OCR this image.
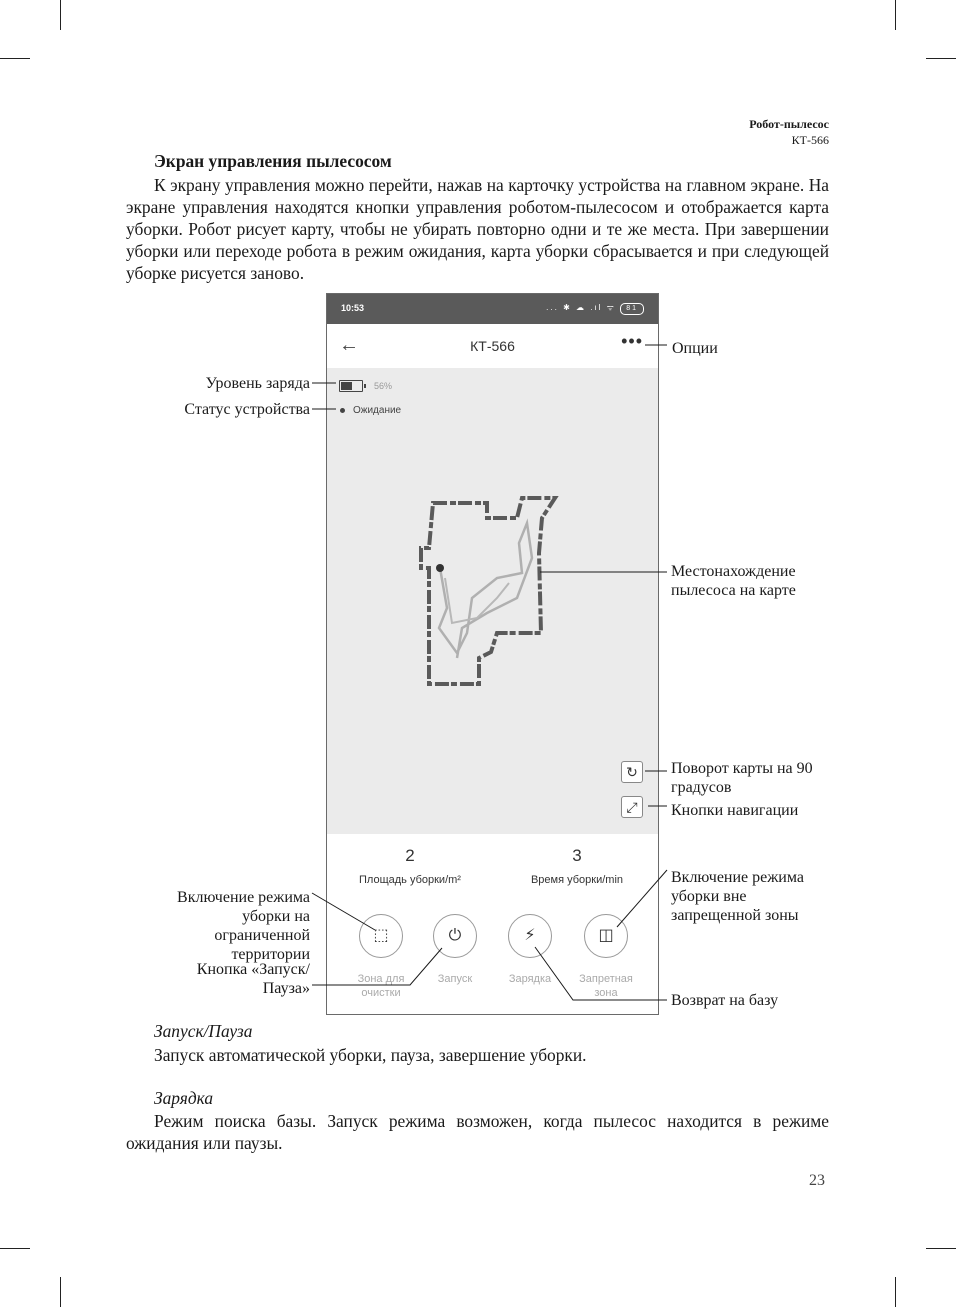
Робот-пылесос
КТ-566
Экран управления пылесосом

К экрану управления можно перейти, нажав на карточку устройства на главном экране. На экране управления находятся кнопки управления роботом-пылесосом и отображается карта уборки. Робот рисует карту, чтобы не убирать повторно одни и те же места. При завершении уборки или переходе робота в режим ожидания, карта уборки сбрасывается и при следующей уборке рисуется заново.

10:53	... ✱ ☁ .ıl ᯤ 81
←	КТ-566	•••
56%
Ожидание
↻
⤢
2
Площадь уборки/m²
3
Время уборки/min
⬚	⏻	⚡	◫
Зона для очистки
Запуск	Зарядка	Запретная зона
Опции
Уровень заряда
Статус устройства
Местонахождение пылесоса на карте
Поворот карты на 90 градусов
Кнопки навигации
Включение режима уборки на ограниченной территории
Кнопка «Запуск/Пауза»
Включение режима уборки вне запрещенной зоны
Возврат на базу
Запуск/Пауза

Запуск автоматической уборки, пауза, завершение уборки.

Зарядка

Режим поиска базы. Запуск режима возможен, когда пылесос находится в режиме ожидания или паузы.

23
